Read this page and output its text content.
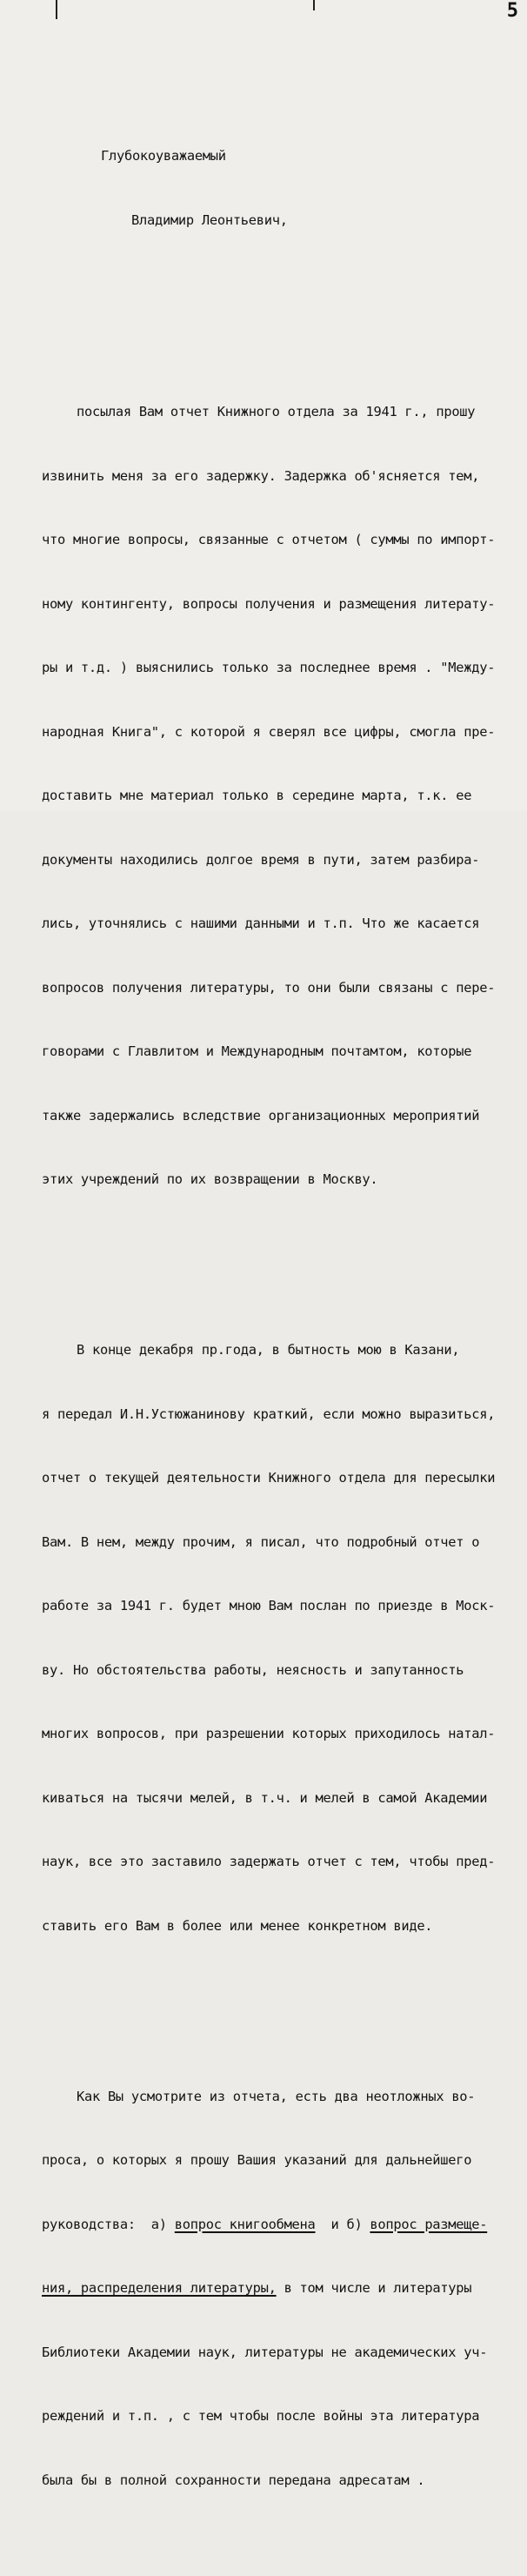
5

Глубокоуважаемый

Владимир Леонтьевич,

посылая Вам отчет Книжного отдела за 1941 г., прошу

извинить меня за его задержку. Задержка об'ясняется тем,

что многие вопросы, связанные с отчетом ( суммы по импорт-

ному контингенту, вопросы получения и размещения литерату-

ры и т.д. ) выяснились только за последнее время . "Между-

народная Книга", с которой я сверял все цифры, смогла пре-

доставить мне материал только в середине марта, т.к. ее

документы находились долгое время в пути, затем разбира-

лись, уточнялись с нашими данными и т.п. Что же касается

вопросов получения литературы, то они были связаны с пере-

говорами с Главлитом и Международным почтамтом, которые

также задержались вследствие организационных мероприятий

этих учреждений по их возвращении в Москву.

В конце декабря пр.года, в бытность мою в Казани,

я передал И.Н.Устюжанинову краткий, если можно выразиться,

отчет о текущей деятельности Книжного отдела для пересылки

Вам. В нем, между прочим, я писал, что подробный отчет о

работе за 1941 г. будет мною Вам послан по приезде в Моск-

ву. Но обстоятельства работы, неясность и запутанность

многих вопросов, при разрешении которых приходилось натал-

киваться на тысячи мелей, в т.ч. и мелей в самой Академии

наук, все это заставило задержать отчет с тем, чтобы пред-

ставить его Вам в более или менее конкретном виде.

Как Вы усмотрите из отчета, есть два неотложных во-

проса, о которых я прошу Вашия указаний для дальнейшего

руководства:  а) вопрос книгообмена  и б) вопрос размеще-

ния, распределения литературы, в том числе и литературы

Библиотеки Академии наук, литературы не академических уч-

реждений и т.п. , с тем чтобы после войны эта литература

была бы в полной сохранности передана адресатам .
